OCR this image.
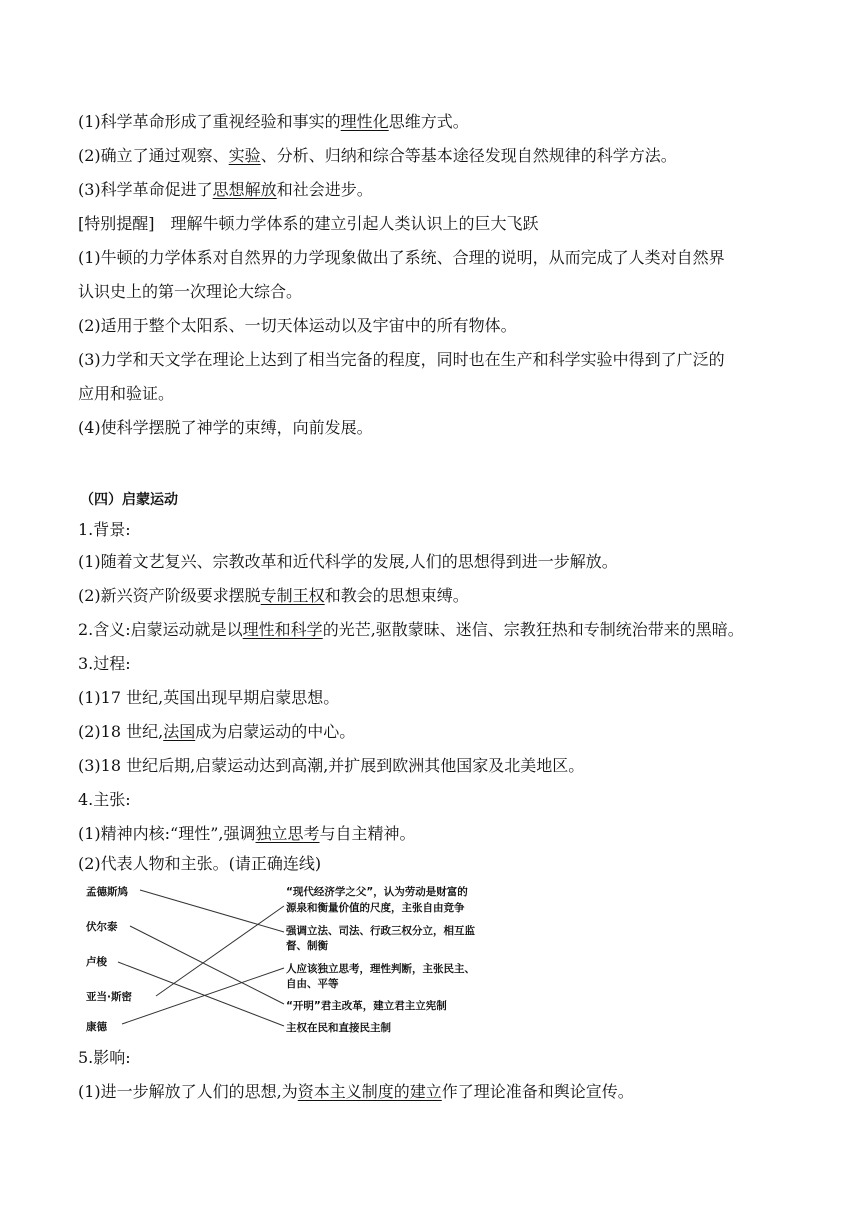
(1)科学革命形成了重视经验和事实的理性化思维方式。
(2)确立了通过观察、实验、分析、归纳和综合等基本途径发现自然规律的科学方法。
(3)科学革命促进了思想解放和社会进步。
[特别提醒]　理解牛顿力学体系的建立引起人类认识上的巨大飞跃
(1)牛顿的力学体系对自然界的力学现象做出了系统、合理的说明，从而完成了人类对自然界
认识史上的第一次理论大综合。
(2)适用于整个太阳系、一切天体运动以及宇宙中的所有物体。
(3)力学和天文学在理论上达到了相当完备的程度，同时也在生产和科学实验中得到了广泛的
应用和验证。
(4)使科学摆脱了神学的束缚，向前发展。
（四）启蒙运动
1.背景:
(1)随着文艺复兴、宗教改革和近代科学的发展,人们的思想得到进一步解放。
(2)新兴资产阶级要求摆脱专制王权和教会的思想束缚。
2.含义:启蒙运动就是以理性和科学的光芒,驱散蒙昧、迷信、宗教狂热和专制统治带来的黑暗。
3.过程:
(1)17 世纪,英国出现早期启蒙思想。
(2)18 世纪,法国成为启蒙运动的中心。
(3)18 世纪后期,启蒙运动达到高潮,并扩展到欧洲其他国家及北美地区。
4.主张:
(1)精神内核:“理性”,强调独立思考与自主精神。
(2)代表人物和主张。(请正确连线)
孟德斯鸠
伏尔泰
卢梭
亚当·斯密
康德
“现代经济学之父”，认为劳动是财富的
源泉和衡量价值的尺度，主张自由竞争
强调立法、司法、行政三权分立，相互监
督、制衡
人应该独立思考，理性判断，主张民主、
自由、平等
“开明”君主改革，建立君主立宪制
主权在民和直接民主制
5.影响:
(1)进一步解放了人们的思想,为资本主义制度的建立作了理论准备和舆论宣传。
